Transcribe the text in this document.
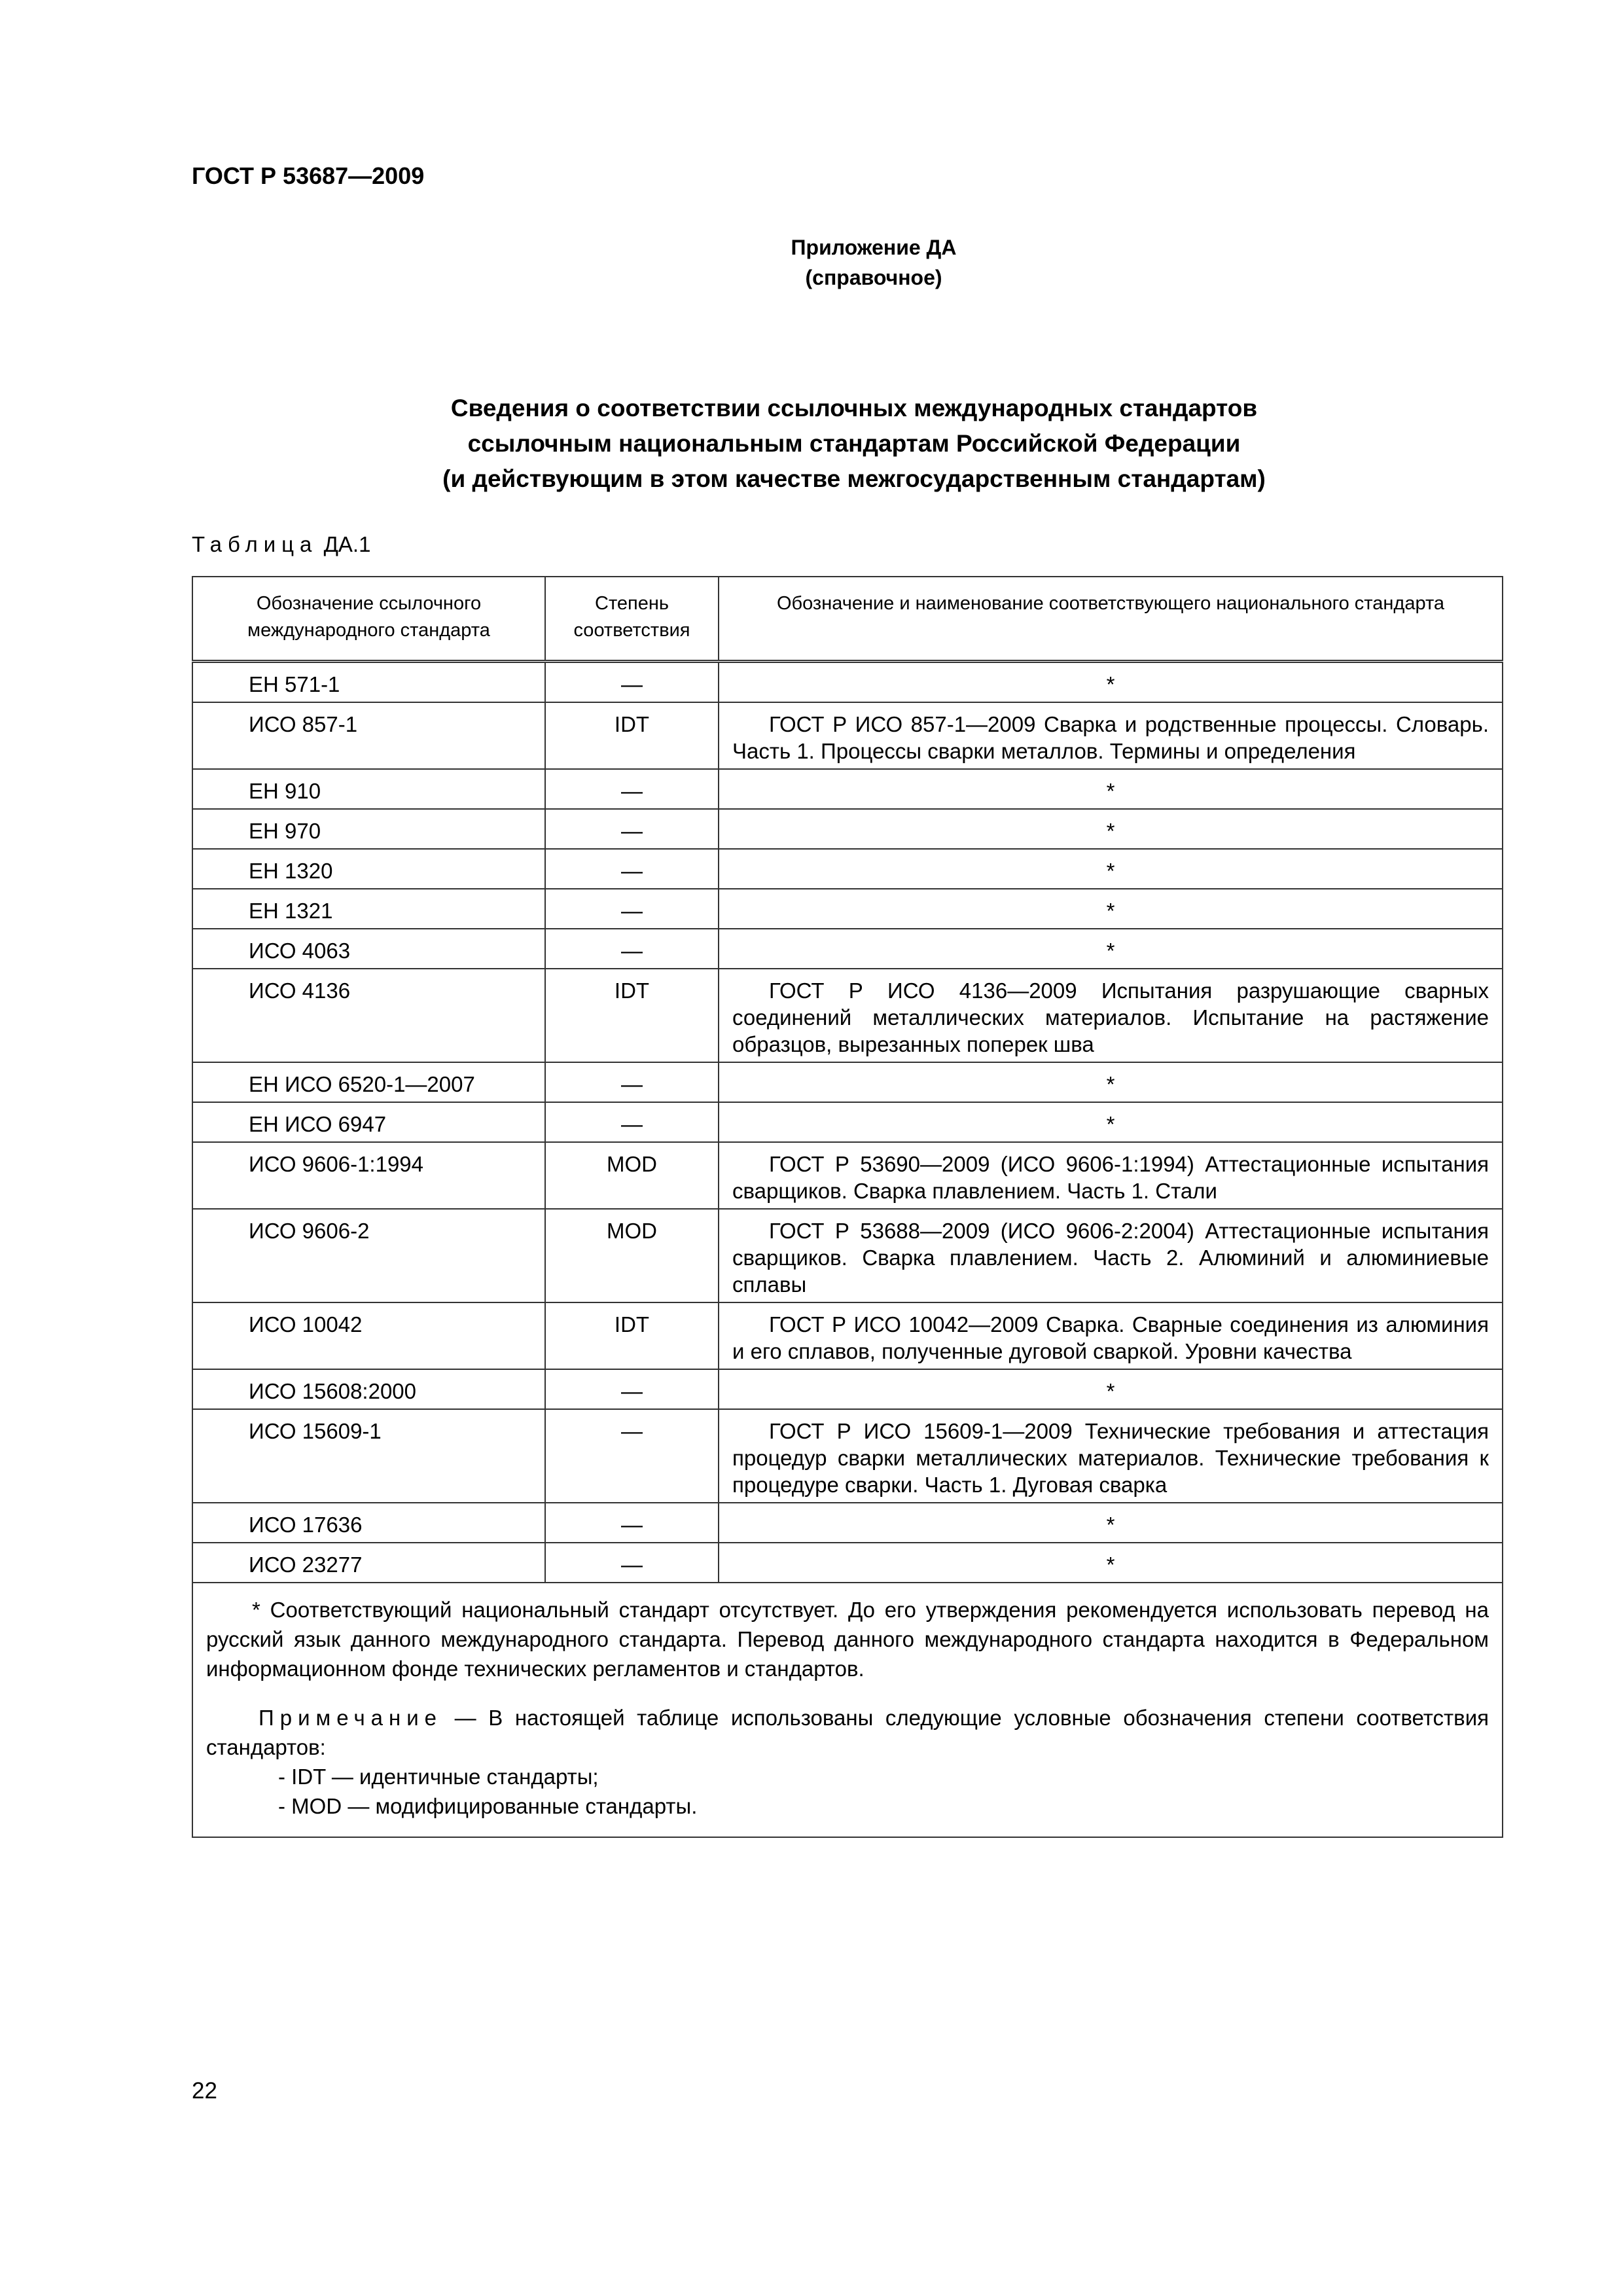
ГОСТ Р 53687—2009
Приложение ДА
(справочное)
Сведения о соответствии ссылочных международных стандартов
ссылочным национальным стандартам Российской Федерации
(и действующим в этом качестве межгосударственным стандартам)
Таблица ДА.1
Обозначение ссылочного международного стандарта	Степень соответствия	Обозначение и наименование соответствующего национального стандарта
ЕН 571-1	—	*
ИСО 857-1	IDT	ГОСТ Р ИСО 857-1—2009 Сварка и родственные процессы. Словарь. Часть 1. Процессы сварки металлов. Термины и определения
ЕН 910	—	*
ЕН 970	—	*
ЕН 1320	—	*
ЕН 1321	—	*
ИСО 4063	—	*
ИСО 4136	IDT	ГОСТ Р ИСО 4136—2009 Испытания разрушающие сварных соединений металлических материалов. Испытание на растяжение образцов, вырезанных поперек шва
ЕН ИСО 6520-1—2007	—	*
ЕН ИСО 6947	—	*
ИСО 9606-1:1994	MOD	ГОСТ Р 53690—2009 (ИСО 9606-1:1994) Аттестационные испытания сварщиков. Сварка плавлением. Часть 1. Стали
ИСО 9606-2	MOD	ГОСТ Р 53688—2009 (ИСО 9606-2:2004) Аттестационные испытания сварщиков. Сварка плавлением. Часть 2. Алюминий и алюминиевые сплавы
ИСО 10042	IDT	ГОСТ Р ИСО 10042—2009 Сварка. Сварные соединения из алюминия и его сплавов, полученные дуговой сваркой. Уровни качества
ИСО 15608:2000	—	*
ИСО 15609-1	—	ГОСТ Р ИСО 15609-1—2009 Технические требования и аттестация процедур сварки металлических материалов. Технические требования к процедуре сварки. Часть 1. Дуговая сварка
ИСО 17636	—	*
ИСО 23277	—	*

* Соответствующий национальный стандарт отсутствует. До его утверждения рекомендуется использовать перевод на русский язык данного международного стандарта. Перевод данного международного стандарта находится в Федеральном информационном фонде технических регламентов и стандартов.
Примечание — В настоящей таблице использованы следующие условные обозначения степени соответствия стандартов:
- IDT — идентичные стандарты;
- MOD — модифицированные стандарты.		
22
